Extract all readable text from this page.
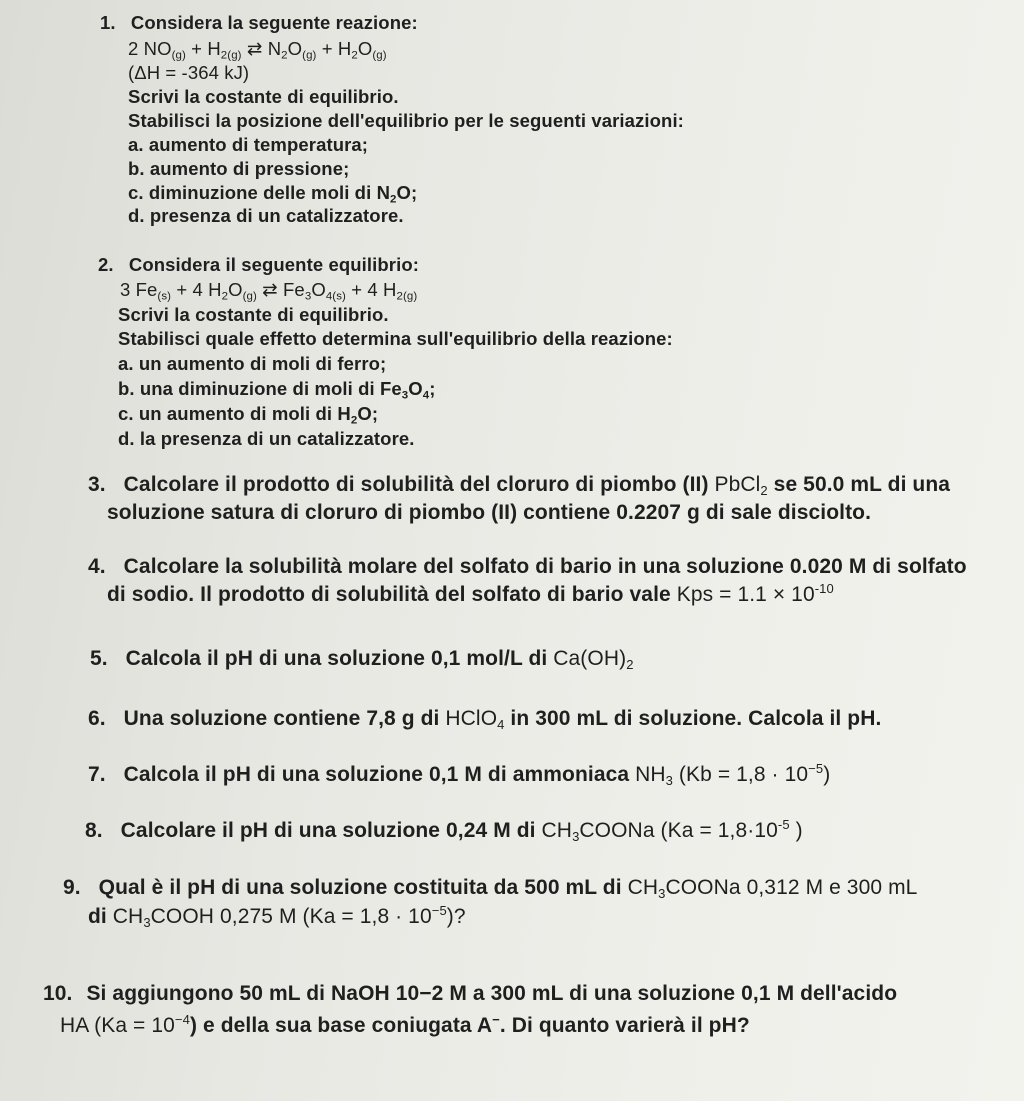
1. Considera la seguente reazione:
2 $NO_{(g)} + H_{2(g)}$ ⇄ $N_2O_{(g)} + H_2O_{(g)}$
(ΔH = -364 kJ)
Scrivi la costante di equilibrio.
Stabilisci la posizione dell'equilibrio per le seguenti variazioni:
a. aumento di temperatura;
b. aumento di pressione;
c. diminuzione delle moli di $N_2O$;
d. presenza di un catalizzatore.
2. Considera il seguente equilibrio:
3 $Fe_{(s)} + 4$ $H_2O_{(g)}$ ⇄ $Fe_3O_{4(s)} + 4$ $H_{2(g)}$
Scrivi la costante di equilibrio.
Stabilisci quale effetto determina sull'equilibrio della reazione:
a. un aumento di moli di ferro;
b. una diminuzione di moli di $Fe_3O_4$;
c. un aumento di moli di $H_2O$;
d. la presenza di un catalizzatore.
3. Calcolare il prodotto di solubilità del cloruro di piombo (II) PbCl$_2$ se 50.0 mL di una
soluzione satura di cloruro di piombo (II) contiene 0.2207 g di sale disciolto.
4. Calcolare la solubilità molare del solfato di bario in una soluzione 0.020 M di solfato
di sodio. Il prodotto di solubilità del solfato di bario vale Kps = $1.1 \times 10^{-10}$
5. Calcola il pH di una soluzione 0,1 mol/L di $Ca(OH)_2$
6. Una soluzione contiene 7,8 g di HClO$_4$ in 300 mL di soluzione. Calcola il pH.
7. Calcola il pH di una soluzione 0,1 M di ammoniaca $NH_3$ $(Kb = 1,8 \cdot 10^{-5})$
8. Calcolare il pH di una soluzione 0,24 M di $CH_3COONa$ ($Ka = 1,8\cdot 10^{-5}$ )
9. Qual è il pH di una soluzione costituita da 500 mL di $CH_3COONa$ 0,312 M e 300 mL
di $CH_3COOH$ 0,275 M $(Ka = 1,8 \cdot 10^{-5})$?
10. Si aggiungono 50 mL di NaOH 10−2 M a 300 mL di una soluzione 0,1 M dell'acido
HA $(Ka = 10^{-4})$ e della sua base coniugata A−. Di quanto varierà il pH?
